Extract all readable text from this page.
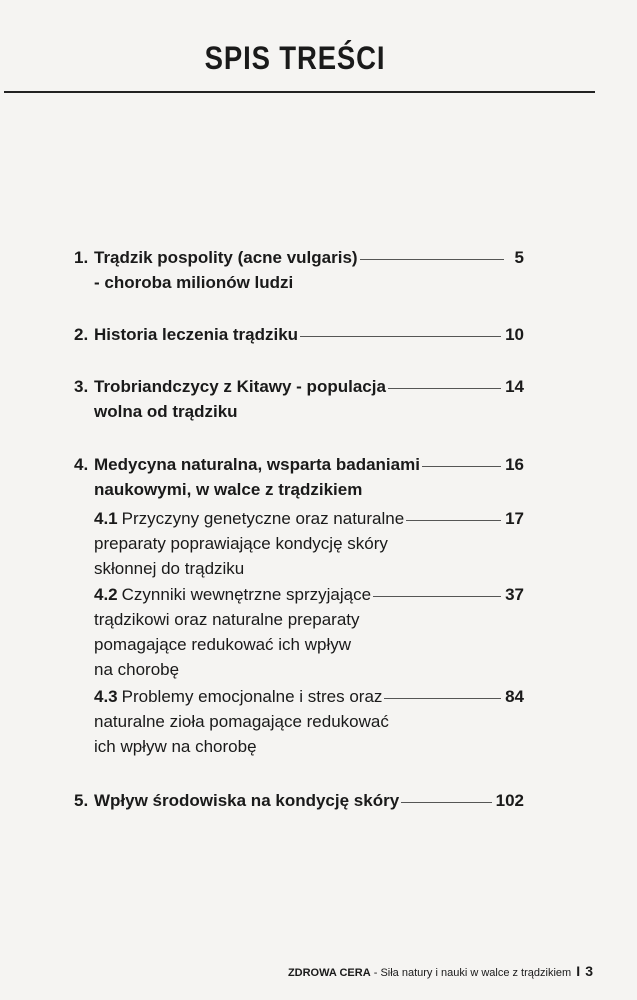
SPIS TREŚCI
1. Trądzik pospolity (acne vulgaris)	5
- choroba milionów ludzi
2. Historia leczenia trądziku	10
3. Trobriandczycy z Kitawy - populacja	14
wolna od trądziku
4. Medycyna naturalna, wsparta badaniami	16
naukowymi, w walce z trądzikiem
4.1 Przyczyny genetyczne oraz naturalne	17
preparaty poprawiające kondycję skóry
skłonnej do trądziku
4.2 Czynniki wewnętrzne sprzyjające	37
trądzikowi oraz naturalne preparaty
pomagające redukować ich wpływ
na chorobę
4.3 Problemy emocjonalne i stres oraz	84
naturalne zioła pomagające redukować
ich wpływ na chorobę
5. Wpływ środowiska na kondycję skóry	102
ZDROWA CERA - Siła natury i nauki w walce z trądzikiem I 3
